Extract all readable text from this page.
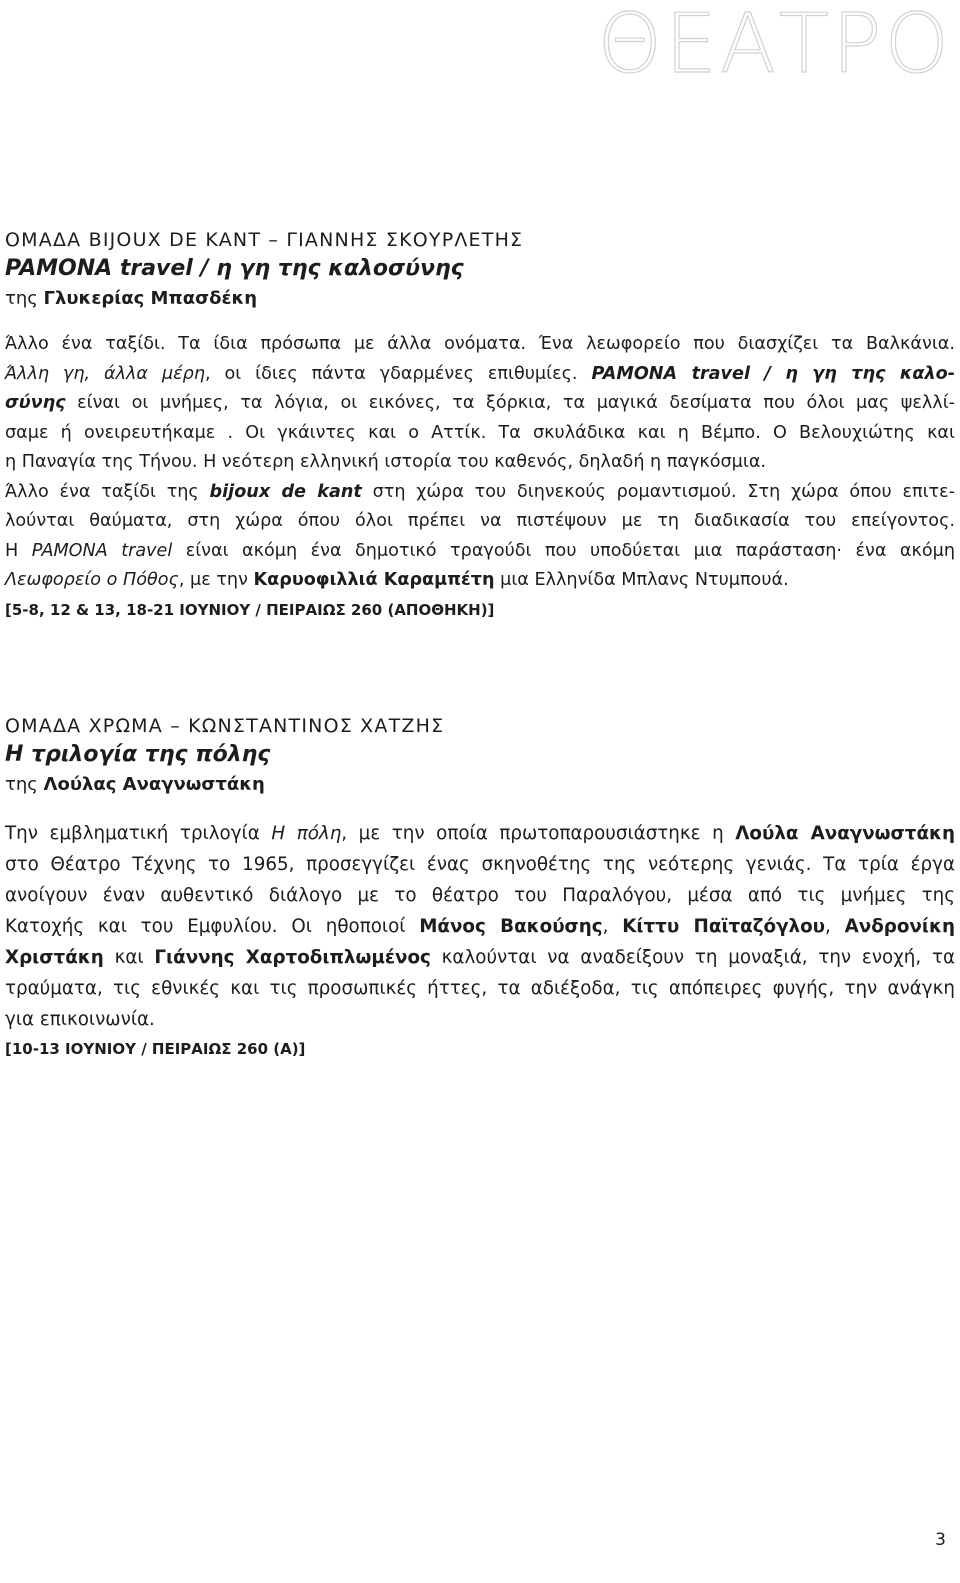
ΘΕΑΤΡΟ
ΟΜΑΔΑ BIJOUX DE KANT – ΓΙΑΝΝΗΣ ΣΚΟΥΡΛΕΤΗΣ
PAMONA travel / η γη της καλοσύνης
της Γλυκερίας Μπασδέκη
Άλλο ένα ταξίδι. Τα ίδια πρόσωπα με άλλα ονόματα. Ένα λεωφορείο που διασχίζει τα Βαλκάνια.
Άλλη γη, άλλα μέρη, οι ίδιες πάντα γδαρμένες επιθυμίες. PAMONA travel / η γη της καλο-
σύνης είναι οι μνήμες, τα λόγια, οι εικόνες, τα ξόρκια, τα μαγικά δεσίματα που όλοι μας ψελλί-
σαμε ή ονειρευτήκαμε . Οι γκάιντες και ο Αττίκ. Τα σκυλάδικα και η Βέμπο. Ο Βελουχιώτης και
η Παναγία της Τήνου. Η νεότερη ελληνική ιστορία του καθενός, δηλαδή η παγκόσμια.
Άλλο ένα ταξίδι της bijoux de kant στη χώρα του διηνεκούς ρομαντισμού. Στη χώρα όπου επιτε-
λούνται θαύματα, στη χώρα όπου όλοι πρέπει να πιστέψουν με τη διαδικασία του επείγοντος.
Η PAMONA travel είναι ακόμη ένα δημοτικό τραγούδι που υποδύεται μια παράσταση· ένα ακόμη
Λεωφορείο ο Πόθος, με την Καρυοφιλλιά Καραμπέτη μια Ελληνίδα Μπλανς Ντυμπουά.
[5-8, 12 & 13, 18-21 ΙΟΥΝΙΟΥ / ΠΕΙΡΑΙΩΣ 260 (ΑΠΟΘΗΚΗ)]
ΟΜΑΔΑ ΧΡΩΜΑ – ΚΩΝΣΤΑΝΤΙΝΟΣ ΧΑΤΖΗΣ
Η τριλογία της πόλης
της Λούλας Αναγνωστάκη
Την εμβληματική τριλογία Η πόλη, με την οποία πρωτοπαρουσιάστηκε η Λούλα Αναγνωστάκη
στο Θέατρο Τέχνης το 1965, προσεγγίζει ένας σκηνοθέτης της νεότερης γενιάς. Τα τρία έργα
ανοίγουν έναν αυθεντικό διάλογο με το θέατρο του Παραλόγου, μέσα από τις μνήμες της
Κατοχής και του Εμφυλίου. Οι ηθοποιοί Μάνος Βακούσης, Κίττυ Παϊταζόγλου, Ανδρονίκη
Χριστάκη και Γιάννης Χαρτοδιπλωμένος καλούνται να αναδείξουν τη μοναξιά, την ενοχή, τα
τραύματα, τις εθνικές και τις προσωπικές ήττες, τα αδιέξοδα, τις απόπειρες φυγής, την ανάγκη
για επικοινωνία.
[10-13 ΙΟΥΝΙΟΥ / ΠΕΙΡΑΙΩΣ 260 (Α)]
3
